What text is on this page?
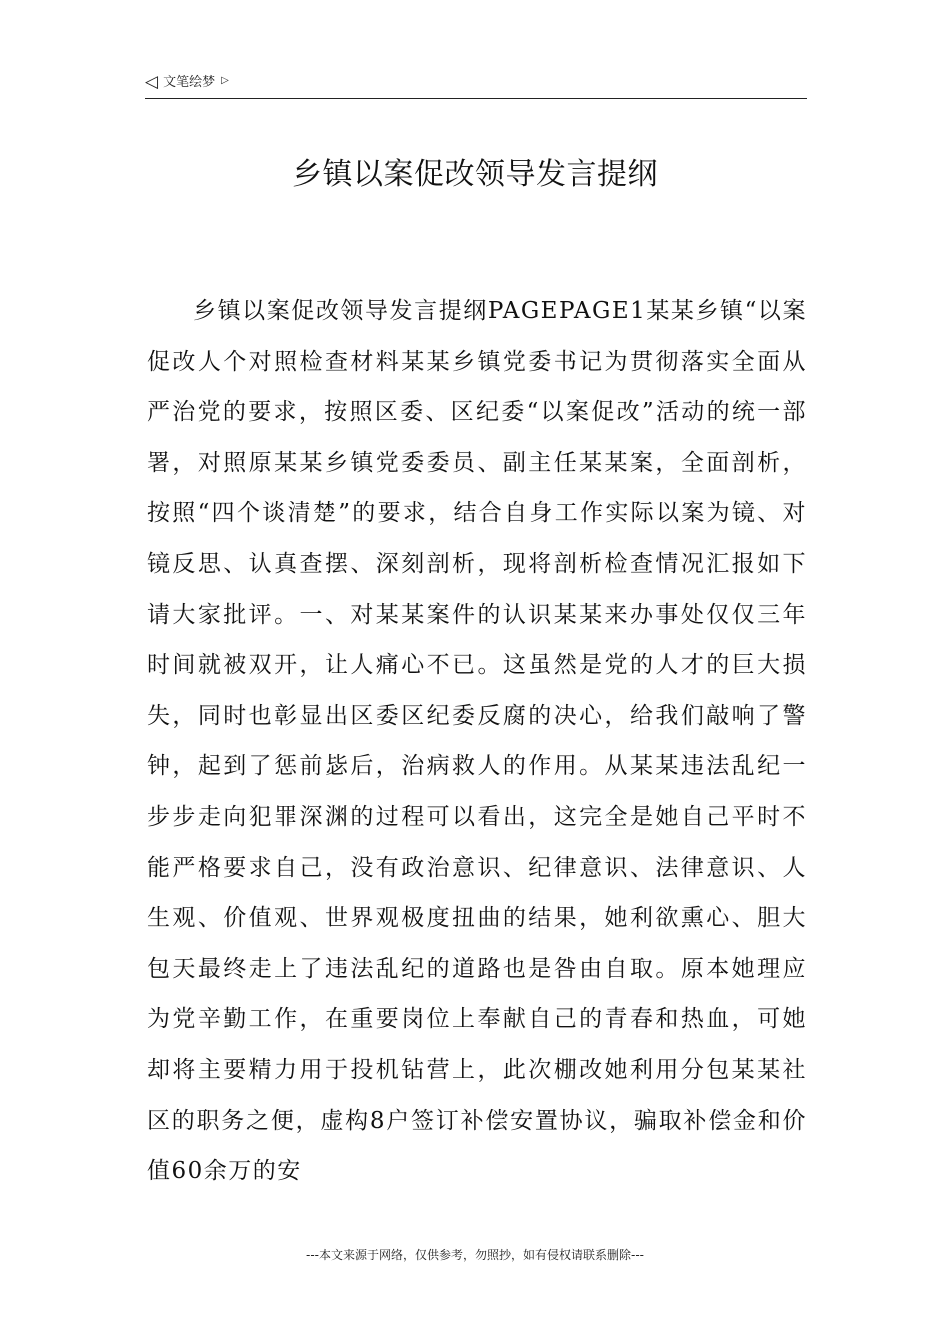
◁ 文笔绘梦 ▷
乡镇以案促改领导发言提纲
乡镇以案促改领导发言提纲PAGEPAGE1某某乡镇“以案促改人个对照检查材料某某乡镇党委书记为贯彻落实全面从严治党的要求，按照区委、区纪委“以案促改”活动的统一部署，对照原某某乡镇党委委员、副主任某某案，全面剖析，按照“四个谈清楚”的要求，结合自身工作实际以案为镜、对镜反思、认真查摆、深刻剖析，现将剖析检查情况汇报如下请大家批评。一、对某某案件的认识某某来办事处仅仅三年时间就被双开，让人痛心不已。这虽然是党的人才的巨大损失，同时也彰显出区委区纪委反腐的决心，给我们敲响了警钟，起到了惩前毖后，治病救人的作用。从某某违法乱纪一步步走向犯罪深渊的过程可以看出，这完全是她自己平时不能严格要求自己，没有政治意识、纪律意识、法律意识、人生观、价值观、世界观极度扭曲的结果，她利欲熏心、胆大包天最终走上了违法乱纪的道路也是咎由自取。原本她理应为党辛勤工作，在重要岗位上奉献自己的青春和热血，可她却将主要精力用于投机钻营上，此次棚改她利用分包某某社区的职务之便，虚构8户签订补偿安置协议，骗取补偿金和价值60余万的安
---本文来源于网络，仅供参考，勿照抄，如有侵权请联系删除---
